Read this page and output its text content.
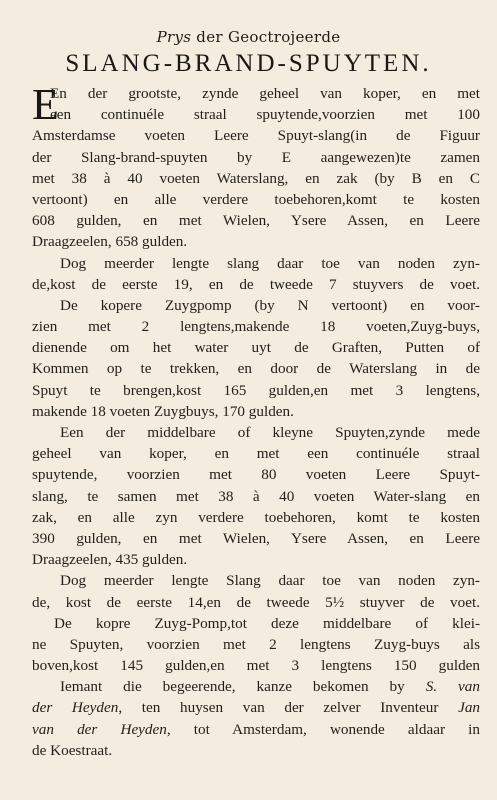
Prys der Geoctrojeerde
SLANG-BRAND-SPUYTEN.
E
En der grootste, zynde geheel van koper, en met
een continuéle straal spuytende,voorzien met 100
Amsterdamse voeten Leere Spuyt-slang(in de Figuur
der Slang-brand-spuyten by E aangewezen)te zamen
met 38 à 40 voeten Waterslang, en zak (by B en C
vertoont) en alle verdere toebehoren,komt te kosten
608 gulden, en met Wielen, Ysere Assen, en Leere
Draagzeelen, 658 gulden.
Dog meerder lengte slang daar toe van noden zyn-
de,kost de eerste 19, en de tweede 7 stuyvers de voet.
De kopere Zuygpomp (by N vertoont) en voor-
zien met 2 lengtens,makende 18 voeten,Zuyg-buys,
dienende om het water uyt de Graften, Putten of
Kommen op te trekken, en door de Waterslang in de
Spuyt te brengen,kost 165 gulden,en met 3 lengtens,
makende 18 voeten Zuygbuys, 170 gulden.
Een der middelbare of kleyne Spuyten,zynde mede
geheel van koper, en met een continuéle straal
spuytende, voorzien met 80 voeten Leere Spuyt-
slang, te samen met 38 à 40 voeten Water-slang en
zak, en alle zyn verdere toebehoren, komt te kosten
390 gulden, en met Wielen, Ysere Assen, en Leere
Draagzeelen, 435 gulden.
Dog meerder lengte Slang daar toe van noden zyn-
de, kost de eerste 14,en de tweede 5½ stuyver de voet.
De kopre Zuyg-Pomp,tot deze middelbare of klei-
ne Spuyten, voorzien met 2 lengtens Zuyg-buys als
boven,kost 145 gulden,en met 3 lengtens 150 gulden
Iemant die begeerende, kanze bekomen by S. van
der Heyden, ten huysen van der zelver Inventeur Jan
van der Heyden, tot Amsterdam, wonende aldaar in
de Koestraat.
